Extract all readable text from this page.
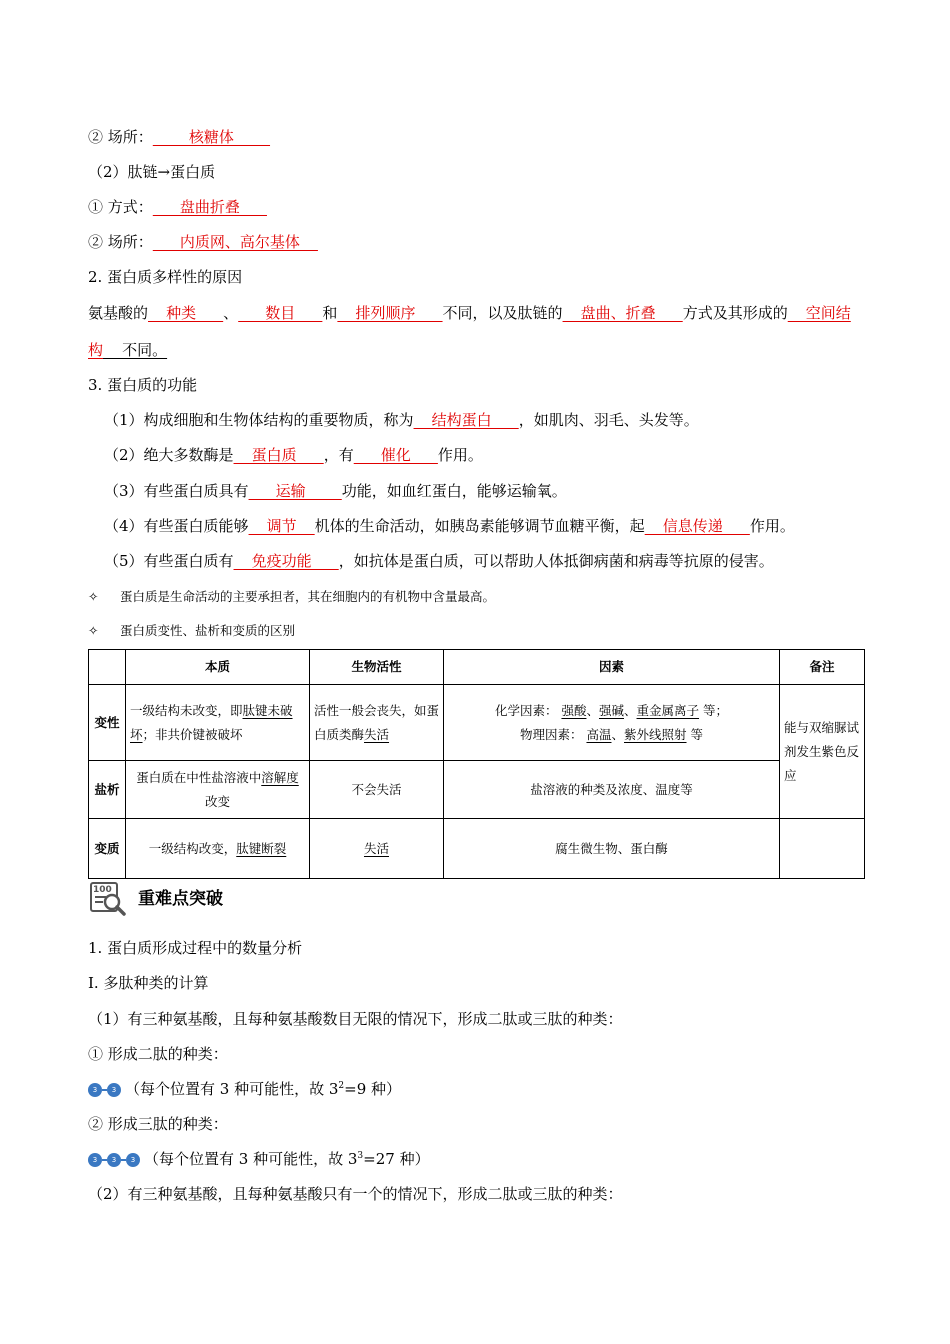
② 场所：    核糖体
（2）肽链→蛋白质
① 方式：   盘曲折叠
② 场所：   内质网、高尔基体
2. 蛋白质多样性的原因
氨基酸的  种类   、   数目   和  排列顺序   不同，以及肽链的  盘曲、折叠   方式及其形成的  空间结
构    不同。
3. 蛋白质的功能
（1）构成细胞和生物体结构的重要物质，称为  结构蛋白   ，如肌肉、羽毛、头发等。
（2）绝大多数酶是  蛋白质   ，有   催化   作用。
（3）有些蛋白质具有   运输    功能，如血红蛋白，能够运输氧。
（4）有些蛋白质能够  调节  机体的生命活动，如胰岛素能够调节血糖平衡，起  信息传递   作用。
（5）有些蛋白质有  免疫功能   ，如抗体是蛋白质，可以帮助人体抵御病菌和病毒等抗原的侵害。
✧ 蛋白质是生命活动的主要承担者，其在细胞内的有机物中含量最高。
✧ 蛋白质变性、盐析和变质的区别
	本质	生物活性	因素	备注
变性	一级结构未改变，即肽键未破坏；非共价键被破坏	活性一般会丧失，如蛋白质类酶失活	化学因素： 强酸、强碱、重金属离子 等；
物理因素： 高温、紫外线照射 等	能与双缩脲试剂发生紫色反应
盐析	蛋白质在中性盐溶液中溶解度改变	不会失活	盐溶液的种类及浓度、温度等	
变质	一级结构改变，肽键断裂	失活	腐生微生物、蛋白酶	
100 重难点突破
1. 蛋白质形成过程中的数量分析
I. 多肽种类的计算
（1）有三种氨基酸，且每种氨基酸数目无限的情况下，形成二肽或三肽的种类：
① 形成二肽的种类：
3	3 （每个位置有 3 种可能性，故 $3^2=9$ 种）
② 形成三肽的种类：
3	3	3 （每个位置有 3 种可能性，故 $3^3=27$ 种）
（2）有三种氨基酸，且每种氨基酸只有一个的情况下，形成二肽或三肽的种类：
